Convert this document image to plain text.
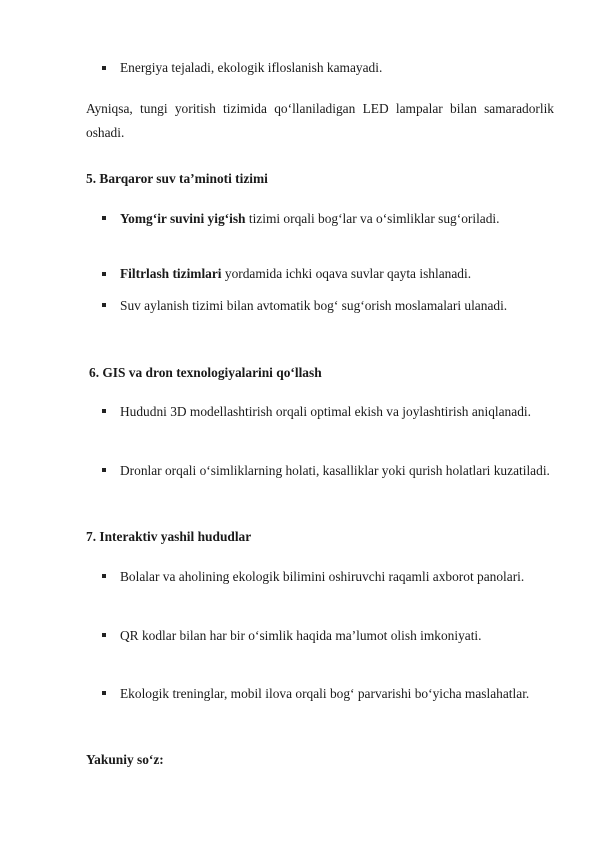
Energiya tejaladi, ekologik ifloslanish kamayadi.
Ayniqsa, tungi yoritish tizimida qo‘llaniladigan LED lampalar bilan samaradorlik oshadi.
5. Barqaror suv ta’minoti tizimi
Yomg‘ir suvini yig‘ish tizimi orqali bog‘lar va o‘simliklar sug‘oriladi.
Filtrlash tizimlari yordamida ichki oqava suvlar qayta ishlanadi.
Suv aylanish tizimi bilan avtomatik bog‘ sug‘orish moslamalari ulanadi.
6. GIS va dron texnologiyalarini qo‘llash
Hududni 3D modellashtirish orqali optimal ekish va joylashtirish aniqlanadi.
Dronlar orqali o‘simliklarning holati, kasalliklar yoki qurish holatlari kuzatiladi.
7. Interaktiv yashil hududlar
Bolalar va aholining ekologik bilimini oshiruvchi raqamli axborot panolari.
QR kodlar bilan har bir o‘simlik haqida ma’lumot olish imkoniyati.
Ekologik treninglar, mobil ilova orqali bog‘ parvarishi bo‘yicha maslahatlar.
Yakuniy so‘z:
